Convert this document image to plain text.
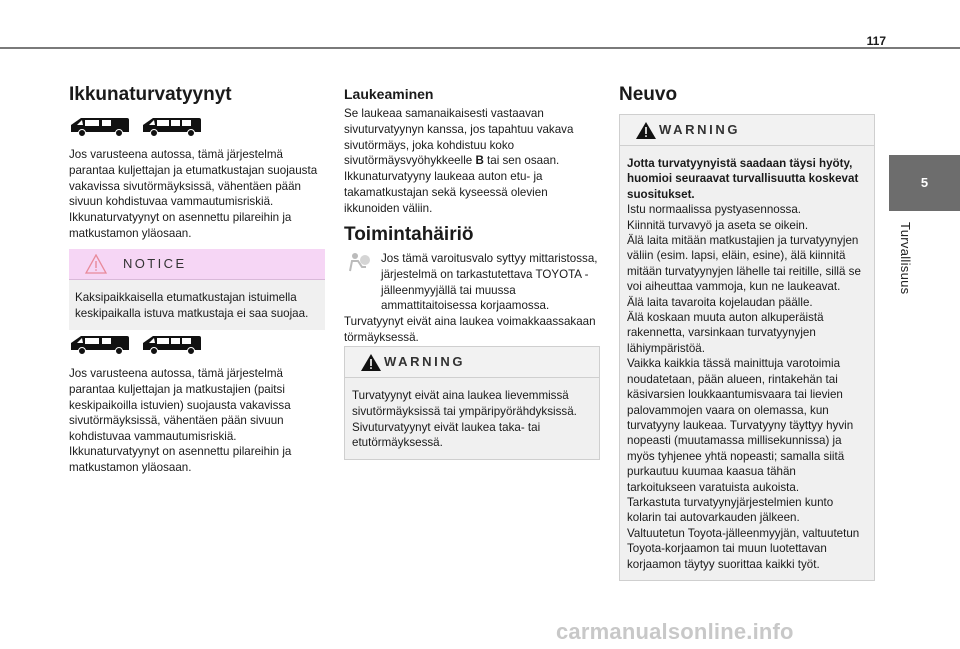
117
5
Turvallisuus
Ikkunaturvatyynyt

Jos varusteena autossa, tämä järjestelmä parantaa kuljettajan ja etumatkustajan suojausta vakavissa sivutörmäyksissä, vähentäen pään sivuun kohdistuvaa vammautumisriskiä.

Ikkunaturvatyynyt on asennettu pilareihin ja matkustamon yläosaan.

NOTICE
Kaksipaikkaisella etumatkustajan istuimella keskipaikalla istuva matkustaja ei saa suojaa.

Jos varusteena autossa, tämä järjestelmä parantaa kuljettajan ja matkustajien (paitsi keskipaikoilla istuvien) suojausta vakavissa sivutörmäyksissä, vähentäen pään sivuun kohdistuvaa vammautumisriskiä.

Ikkunaturvatyynyt on asennettu pilareihin ja matkustamon yläosaan.

Laukeaminen

Se laukeaa samanaikaisesti vastaavan sivuturvatyynyn kanssa, jos tapahtuu vakava sivutörmäys, joka kohdistuu koko sivutörmäysvyöhykkeelle B tai sen osaan.

Ikkunaturvatyyny laukeaa auton etu- ja takamatkustajan sekä kyseessä olevien ikkunoiden väliin.

Toimintahäiriö

Jos tämä varoitusvalo syttyy mittaristossa, järjestelmä on tarkastutettava TOYOTA -jälleenmyyjällä tai muussa ammattitaitoisessa korjaamossa.

Turvatyynyt eivät aina laukea voimakkaassakaan törmäyksessä.

WARNING
Turvatyynyt eivät aina laukea lievemmissä sivutörmäyksissä tai ympäripyörähdyksissä. Sivuturvatyynyt eivät laukea taka- tai etutörmäyksessä.
Neuvo
WARNING
Jotta turvatyynyistä saadaan täysi hyöty, huomioi seuraavat turvallisuutta koskevat suositukset.
Istu normaalissa pystyasennossa.
Kiinnitä turvavyö ja aseta se oikein.
Älä laita mitään matkustajien ja turvatyynyjen väliin (esim. lapsi, eläin, esine), älä kiinnitä mitään turvatyynyjen lähelle tai reitille, sillä se voi aiheuttaa vammoja, kun ne laukeavat.
Älä laita tavaroita kojelaudan päälle.
Älä koskaan muuta auton alkuperäistä rakennetta, varsinkaan turvatyynyjen lähiympäristöä.
Vaikka kaikkia tässä mainittuja varotoimia noudatetaan, pään alueen, rintakehän tai käsivarsien loukkaantumisvaara tai lievien palovammojen vaara on olemassa, kun turvatyyny laukeaa. Turvatyyny täyttyy hyvin nopeasti (muutamassa millisekunnissa) ja myös tyhjenee yhtä nopeasti; samalla siitä purkautuu kuumaa kaasua tähän tarkoitukseen varatuista aukoista.
Tarkastuta turvatyynyjärjestelmien kunto kolarin tai autovarkauden jälkeen.
Valtuutetun Toyota-jälleenmyyjän, valtuutetun Toyota-korjaamon tai muun luotettavan korjaamon täytyy suorittaa kaikki työt.
carmanualsonline.info
